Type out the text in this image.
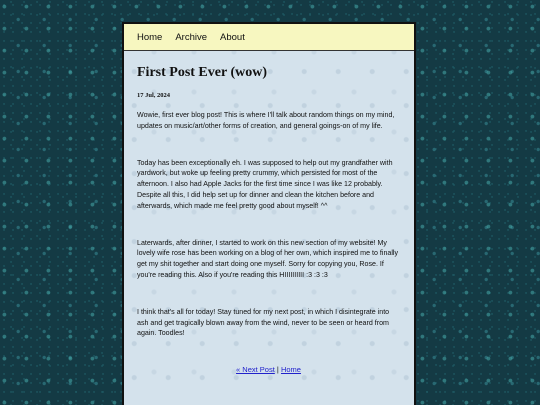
Home Archive About
First Post Ever (wow)
17 Jul, 2024

Wowie, first ever blog post! This is where I'll talk about random things on my mind, updates on music/art/other forms of creation, and general goings-on of my life.

Today has been exceptionally eh. I was supposed to help out my grandfather with yardwork, but woke up feeling pretty crummy, which persisted for most of the afternoon. I also had Apple Jacks for the first time since I was like 12 probably. Despite all this, I did help set up for dinner and clean the kitchen before and afterwards, which made me feel pretty good about myself! ^^

Laterwards, after dinner, I started to work on this new section of my website! My lovely wife rose has been working on a blog of her own, which inspired me to finally get my shit together and start doing one myself. Sorry for copying you, Rose. If you're reading this. Also if you're reading this HIIIIIIIIII :3 :3 :3

I think that's all for today! Stay tuned for my next post, in which I disintegrate into ash and get tragically blown away from the wind, never to be seen or heard from again. Toodles!

« Next Post | Home
